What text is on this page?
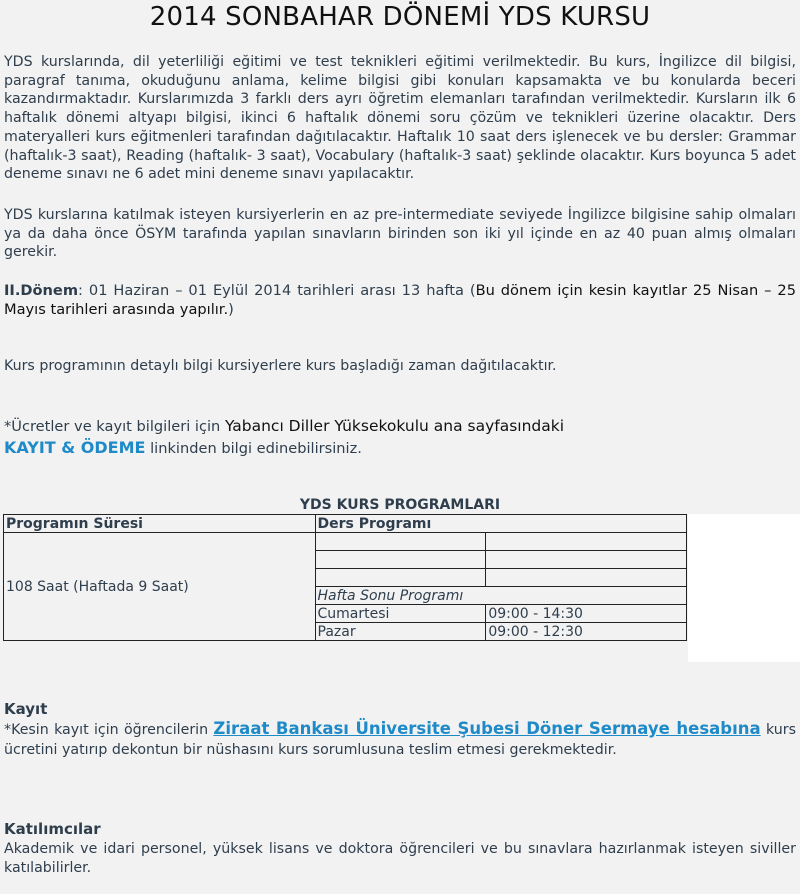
2014 SONBAHAR DÖNEMİ YDS KURSU
YDS kurslarında, dil yeterliliği eğitimi ve test teknikleri eğitimi verilmektedir. Bu kurs, İngilizce dil bilgisi, paragraf tanıma, okuduğunu anlama, kelime bilgisi gibi konuları kapsamakta ve bu konularda beceri kazandırmaktadır. Kurslarımızda 3 farklı ders ayrı öğretim elemanları tarafından verilmektedir. Kursların ilk 6 haftalık dönemi altyapı bilgisi, ikinci 6 haftalık dönemi soru çözüm ve teknikleri üzerine olacaktır. Ders materyalleri kurs eğitmenleri tarafından dağıtılacaktır. Haftalık 10 saat ders işlenecek ve bu dersler: Grammar (haftalık-3 saat), Reading (haftalık- 3 saat), Vocabulary (haftalık-3 saat) şeklinde olacaktır. Kurs boyunca 5 adet deneme sınavı ne 6 adet mini deneme sınavı yapılacaktır.
YDS kurslarına katılmak isteyen kursiyerlerin en az pre-intermediate seviyede İngilizce bilgisine sahip olmaları ya da daha önce ÖSYM tarafında yapılan sınavların birinden son iki yıl içinde en az 40 puan almış olmaları gerekir.
II.Dönem: 01 Haziran – 01 Eylül 2014 tarihleri arası 13 hafta (Bu dönem için kesin kayıtlar 25 Nisan – 25 Mayıs tarihleri arasında yapılır.)
Kurs programının detaylı bilgi kursiyerlere kurs başladığı zaman dağıtılacaktır.
*Ücretler ve kayıt bilgileri için Yabancı Diller Yüksekokulu ana sayfasındaki
KAYIT & ÖDEME linkinden bilgi edinebilirsiniz.
YDS KURS PROGRAMLARI
Programın Süresi	Ders Programı	
108 Saat (Haftada 9 Saat)		

	Hafta Sonu Programı	
	Cumartesi	09:00 - 14:30
	Pazar	09:00 - 12:30
Kayıt
*Kesin kayıt için öğrencilerin Ziraat Bankası Üniversite Şubesi Döner Sermaye hesabına kurs ücretini yatırıp dekontun bir nüshasını kurs sorumlusuna teslim etmesi gerekmektedir.
Katılımcılar
Akademik ve idari personel, yüksek lisans ve doktora öğrencileri ve bu sınavlara hazırlanmak isteyen siviller katılabilirler.
